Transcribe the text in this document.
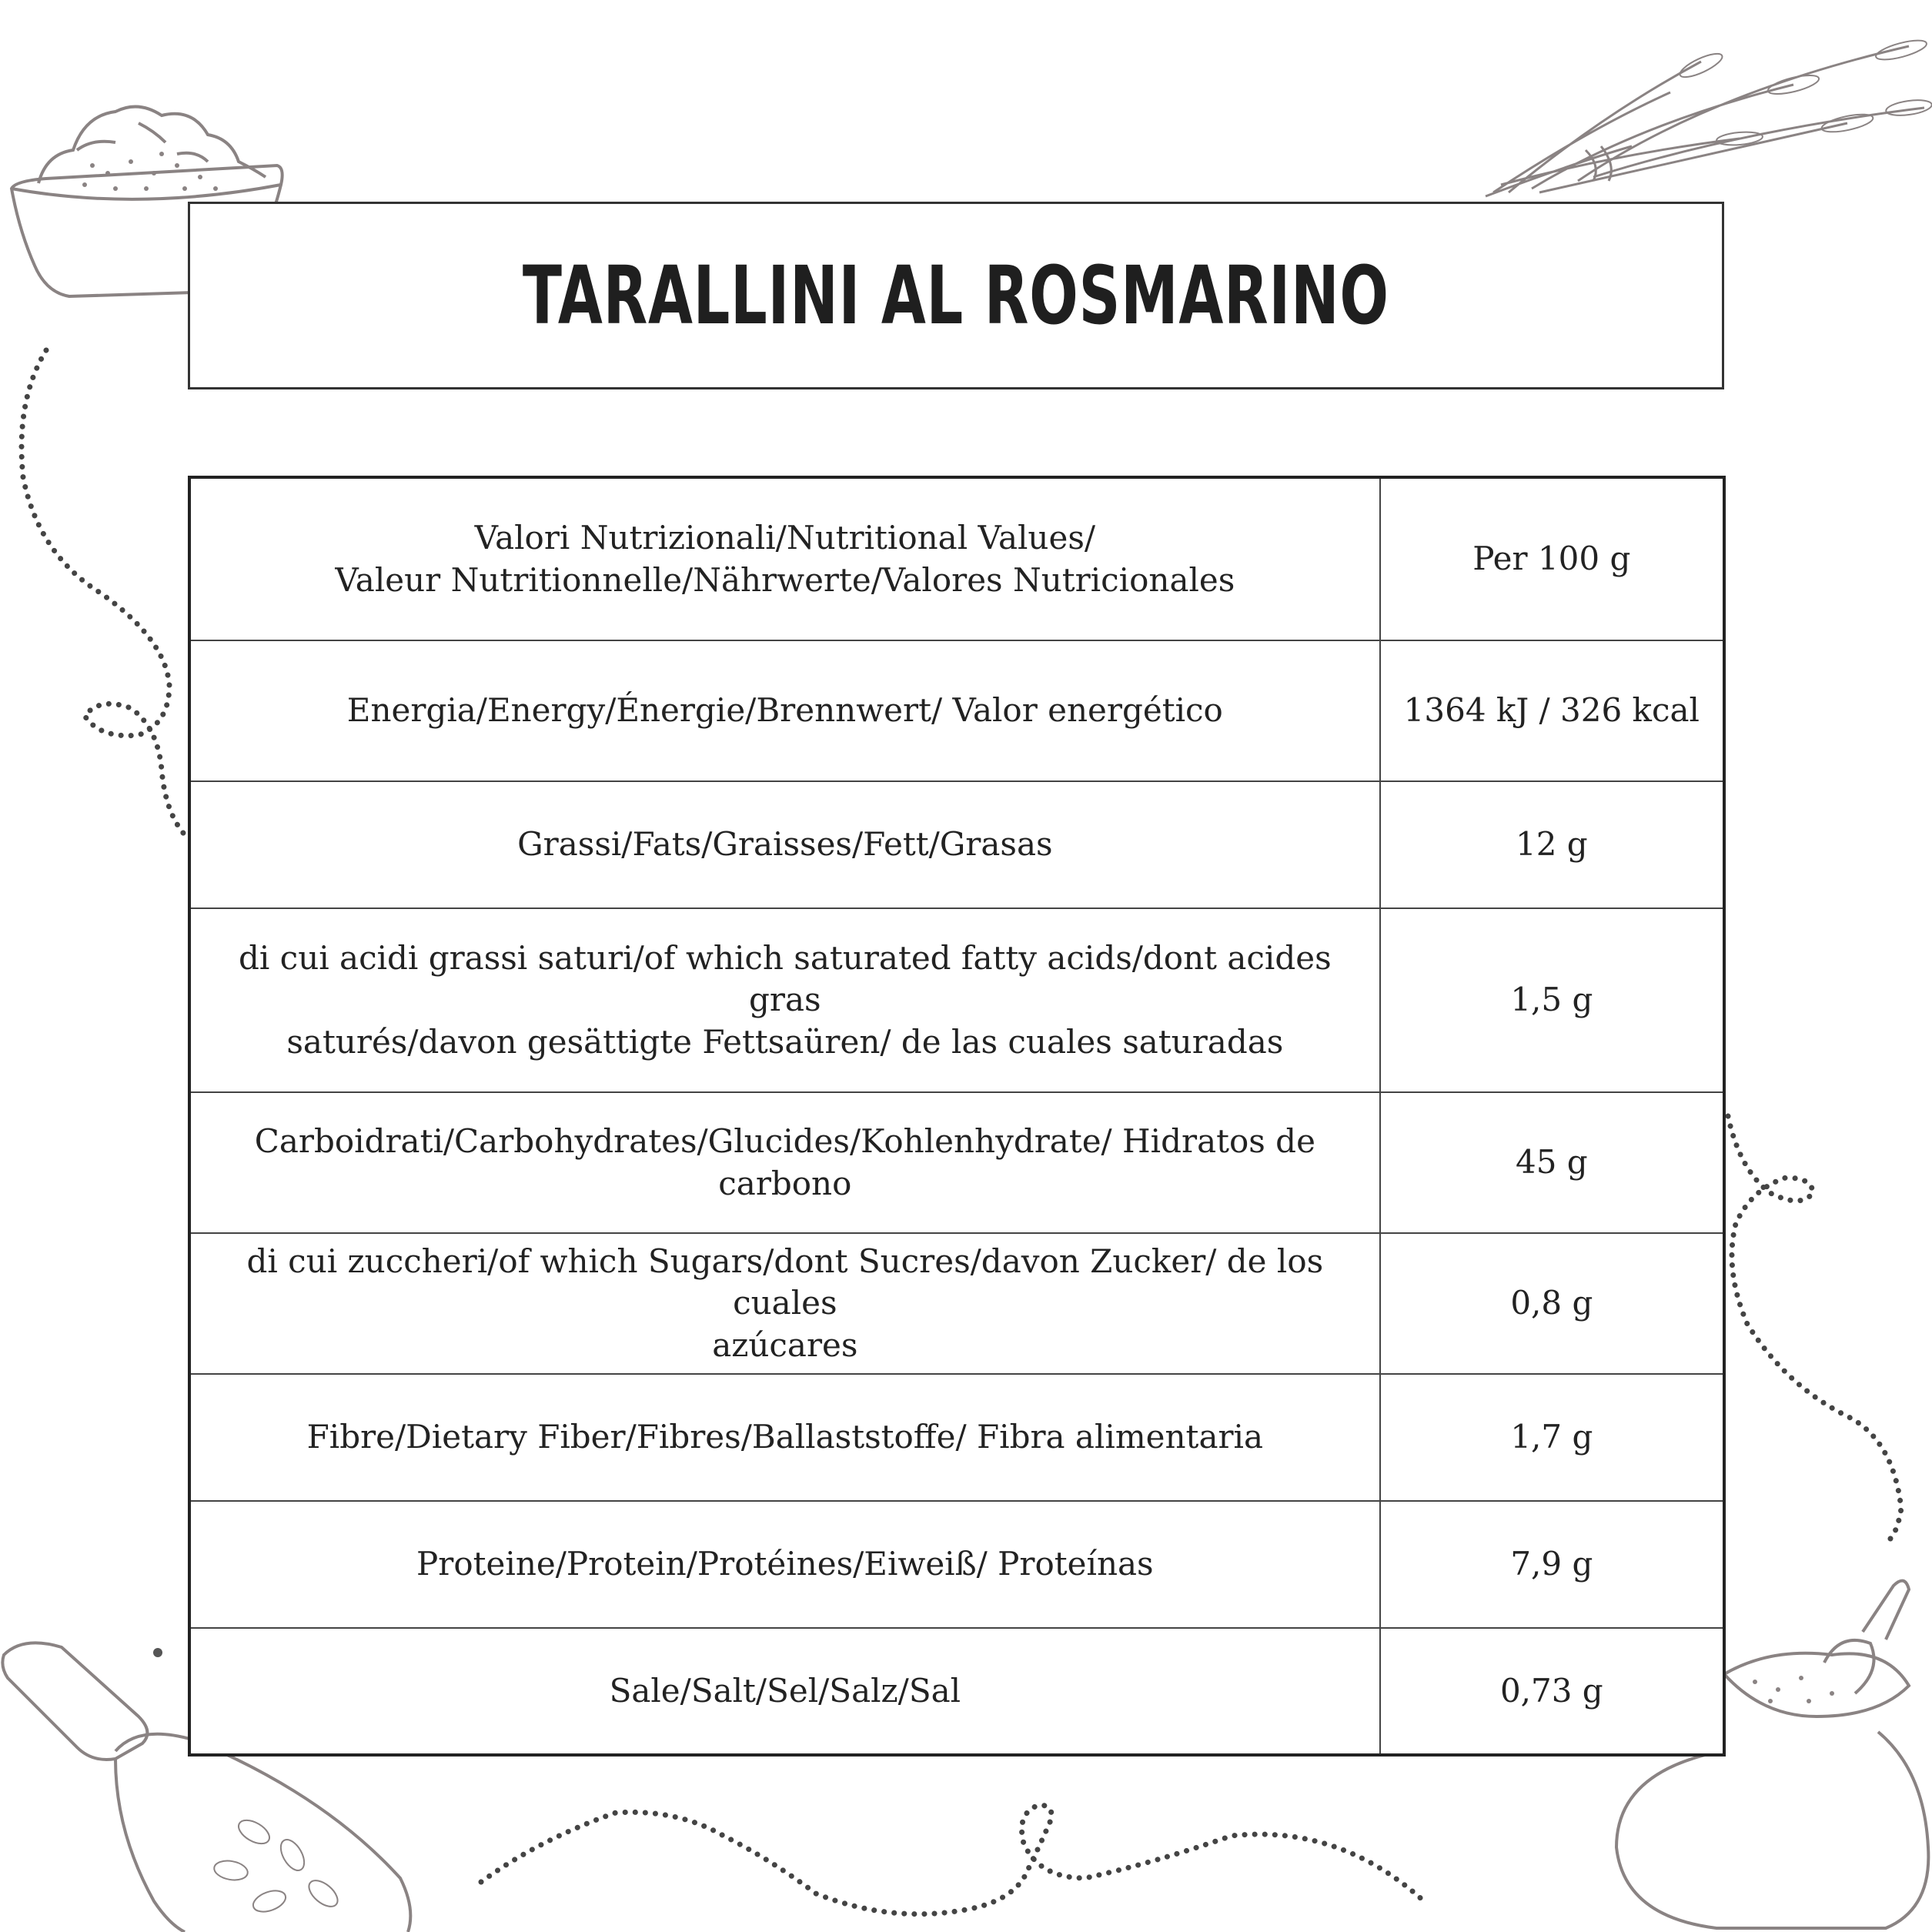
TARALLINI AL ROSMARINO
Valori Nutrizionali/Nutritional Values/
Valeur Nutritionnelle/Nährwerte/Valores Nutricionales	Per 100 g
Energia/Energy/Énergie/Brennwert/ Valor energético	1364 kJ / 326 kcal
Grassi/Fats/Graisses/Fett/Grasas	12 g
di cui acidi grassi saturi/of which saturated fatty acids/dont acides gras
saturés/davon gesättigte Fettsaüren/ de las cuales saturadas	1,5 g
Carboidrati/Carbohydrates/Glucides/Kohlenhydrate/ Hidratos de
carbono	45 g
di cui zuccheri/of which Sugars/dont Sucres/davon Zucker/ de los cuales
azúcares	0,8 g
Fibre/Dietary Fiber/Fibres/Ballaststoffe/ Fibra alimentaria	1,7 g
Proteine/Protein/Protéines/Eiweiß/ Proteínas	7,9 g
Sale/Salt/Sel/Salz/Sal	0,73 g
